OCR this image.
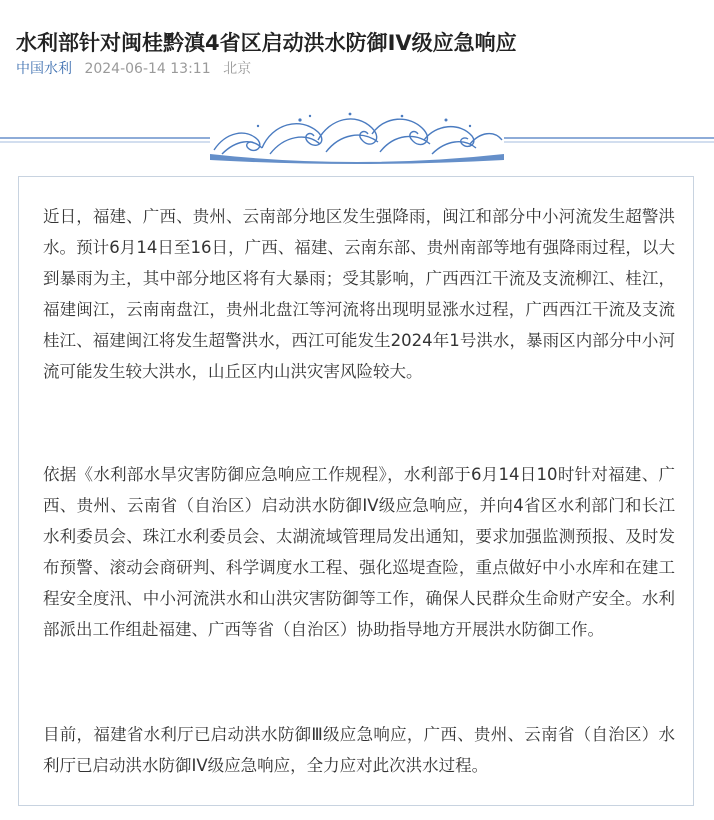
水利部针对闽桂黔滇4省区启动洪水防御IV级应急响应
中国水利 2024-06-14 13:11 北京

近日，福建、广西、贵州、云南部分地区发生强降雨，闽江和部分中小河流发生超警洪水。预计6月14日至16日，广西、福建、云南东部、贵州南部等地有强降雨过程，以大到暴雨为主，其中部分地区将有大暴雨；受其影响，广西西江干流及支流柳江、桂江，福建闽江，云南南盘江，贵州北盘江等河流将出现明显涨水过程，广西西江干流及支流桂江、福建闽江将发生超警洪水，西江可能发生2024年1号洪水，暴雨区内部分中小河流可能发生较大洪水，山丘区内山洪灾害风险较大。

依据《水利部水旱灾害防御应急响应工作规程》，水利部于6月14日10时针对福建、广西、贵州、云南省（自治区）启动洪水防御IV级应急响应，并向4省区水利部门和长江水利委员会、珠江水利委员会、太湖流域管理局发出通知，要求加强监测预报、及时发布预警、滚动会商研判、科学调度水工程、强化巡堤查险，重点做好中小水库和在建工程安全度汛、中小河流洪水和山洪灾害防御等工作，确保人民群众生命财产安全。水利部派出工作组赴福建、广西等省（自治区）协助指导地方开展洪水防御工作。

目前，福建省水利厅已启动洪水防御Ⅲ级应急响应，广西、贵州、云南省（自治区）水利厅已启动洪水防御IV级应急响应，全力应对此次洪水过程。
